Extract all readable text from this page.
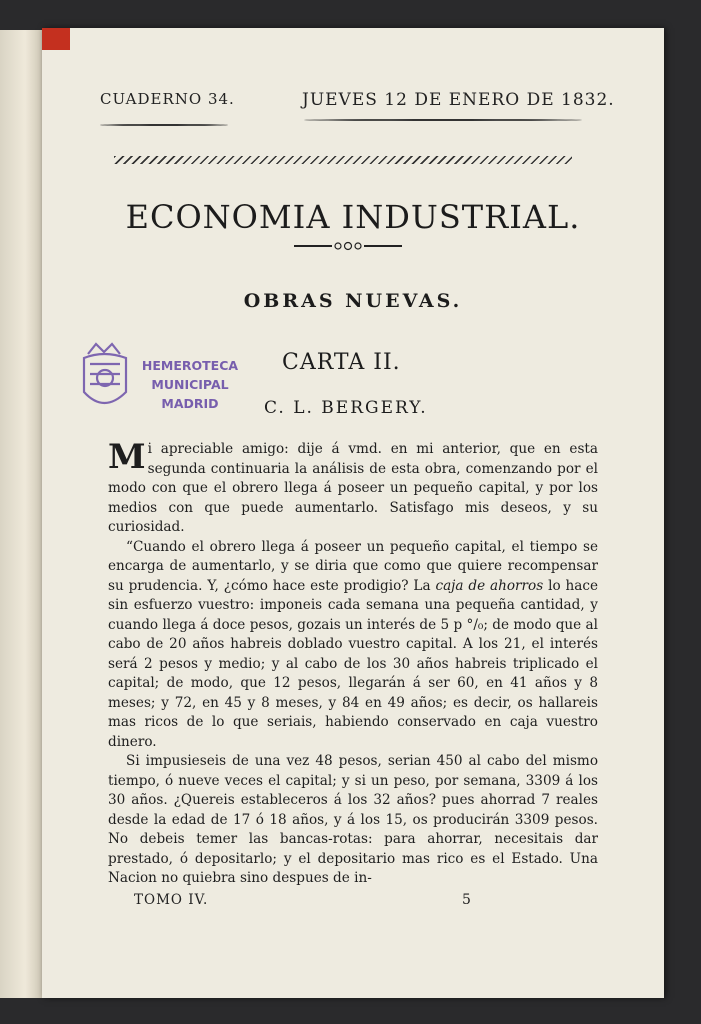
CUADERNO 34.	JUEVES 12 DE ENERO DE 1832.
ECONOMIA INDUSTRIAL.
OBRAS NUEVAS.
HEMEROTECA
MUNICIPAL
MADRID
CARTA II.
C. L. BERGERY.

Mi apreciable amigo: dije á vmd. en mi anterior, que en esta segunda continuaria la análisis de esta obra, comenzando por el modo con que el obrero llega á poseer un pequeño capital, y por los medios con que puede aumentarlo. Satisfago mis deseos, y su curiosidad.

“Cuando el obrero llega á poseer un pequeño capital, el tiempo se encarga de aumentarlo, y se diria que como que quiere recompensar su prudencia. Y, ¿cómo hace este prodigio? La caja de ahorros lo hace sin esfuerzo vuestro: imponeis cada semana una pequeña cantidad, y cuando llega á doce pesos, gozais un interés de 5 p °/₀; de modo que al cabo de 20 años habreis doblado vuestro capital. A los 21, el interés será 2 pesos y medio; y al cabo de los 30 años habreis triplicado el capital; de modo, que 12 pesos, llegarán á ser 60, en 41 años y 8 meses; y 72, en 45 y 8 meses, y 84 en 49 años; es decir, os hallareis mas ricos de lo que seriais, habiendo conservado en caja vuestro dinero.

Si impusieseis de una vez 48 pesos, serian 450 al cabo del mismo tiempo, ó nueve veces el capital; y si un peso, por semana, 3309 á los 30 años. ¿Quereis estableceros á los 32 años? pues ahorrad 7 reales desde la edad de 17 ó 18 años, y á los 15, os producirán 3309 pesos. No debeis temer las bancas-rotas: para ahorrar, necesitais dar prestado, ó depositarlo; y el depositario mas rico es el Estado. Una Nacion no quiebra sino despues de in-

TOMO IV.	5
